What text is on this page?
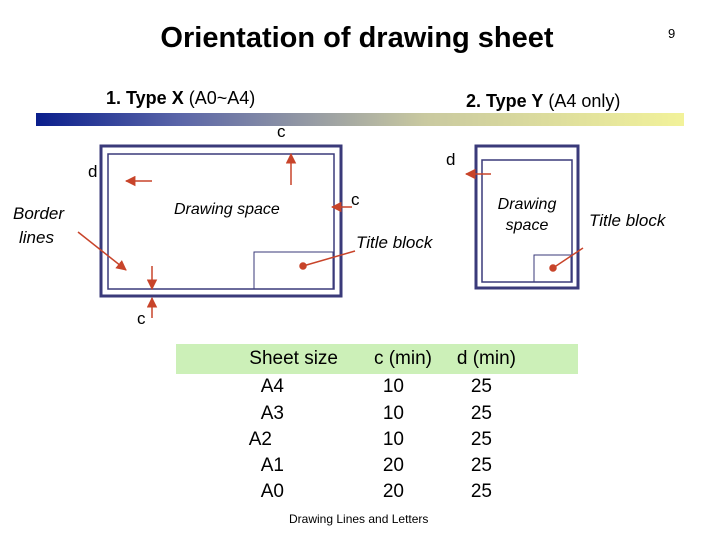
9
Orientation of drawing sheet
1. Type X (A0~A4)	2. Type Y (A4 only)
c
d
d
c
c
Border
lines
Drawing space
Title block
Drawing
space Title block
Sheet size	c (min)	d (min)
A4	10	25
A3	10	25
A2	10	25
A1	20	25
A0	20	25
Drawing Lines and Letters
